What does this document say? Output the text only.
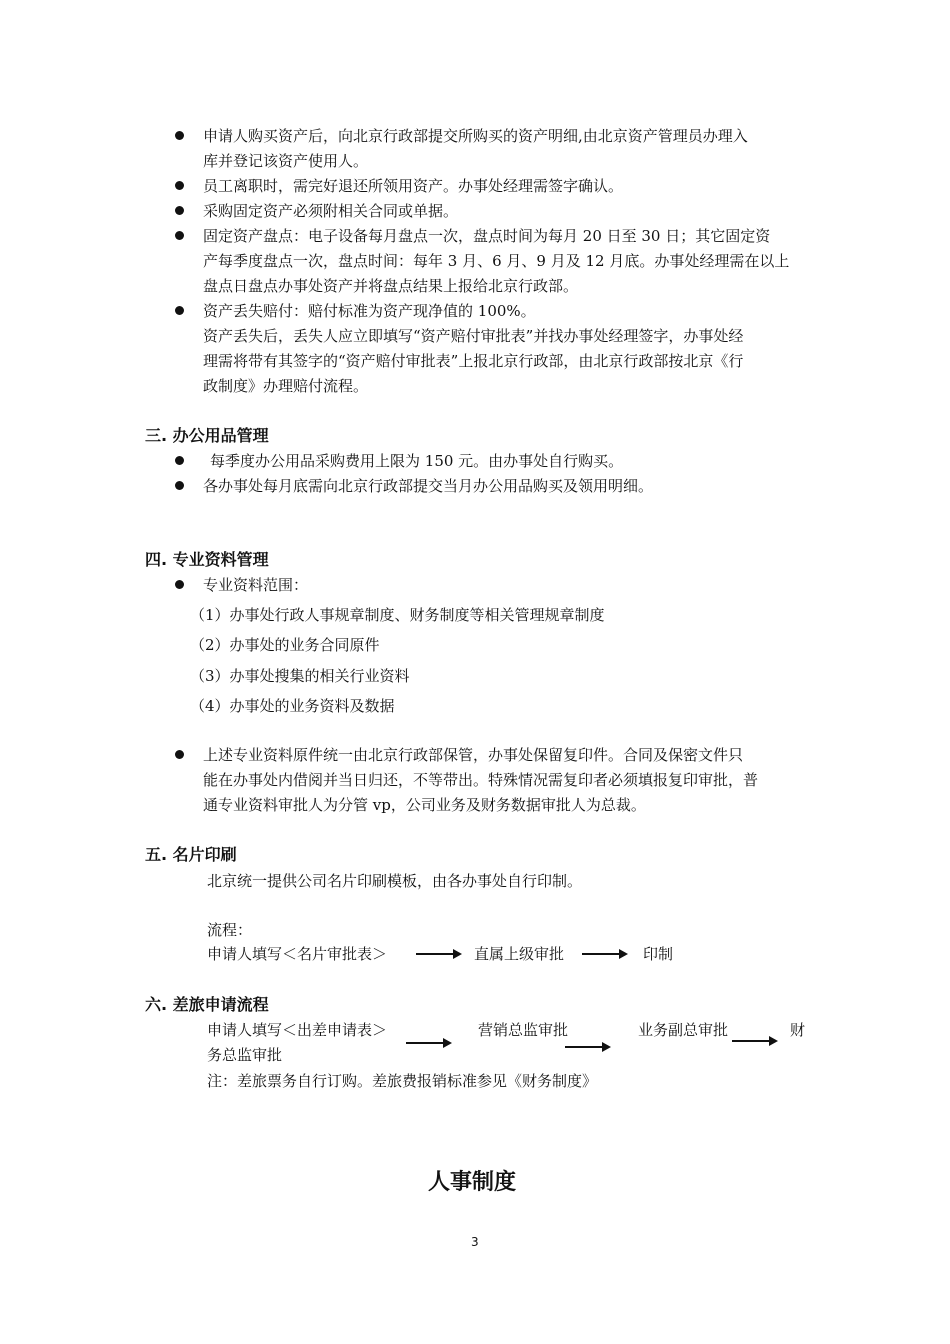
申请人购买资产后，向北京行政部提交所购买的资产明细,由北京资产管理员办理入
库并登记该资产使用人。
员工离职时，需完好退还所领用资产。办事处经理需签字确认。
采购固定资产必须附相关合同或单据。
固定资产盘点：电子设备每月盘点一次，盘点时间为每月 20 日至 30 日；其它固定资
产每季度盘点一次，盘点时间：每年 3 月、6 月、9 月及 12 月底。办事处经理需在以上
盘点日盘点办事处资产并将盘点结果上报给北京行政部。
资产丢失赔付：赔付标准为资产现净值的 100%。
资产丢失后，丢失人应立即填写“资产赔付审批表”并找办事处经理签字，办事处经
理需将带有其签字的“资产赔付审批表”上报北京行政部，由北京行政部按北京《行
政制度》办理赔付流程。
三. 办公用品管理
每季度办公用品采购费用上限为 150 元。由办事处自行购买。
各办事处每月底需向北京行政部提交当月办公用品购买及领用明细。
四. 专业资料管理
专业资料范围：
（1）办事处行政人事规章制度、财务制度等相关管理规章制度
（2）办事处的业务合同原件
（3）办事处搜集的相关行业资料
（4）办事处的业务资料及数据
上述专业资料原件统一由北京行政部保管，办事处保留复印件。合同及保密文件只
能在办事处内借阅并当日归还，不等带出。特殊情况需复印者必须填报复印审批，普
通专业资料审批人为分管 vp，公司业务及财务数据审批人为总裁。
五. 名片印刷
北京统一提供公司名片印刷模板，由各办事处自行印制。
流程：
申请人填写＜名片审批表＞	直属上级审批	印制
六. 差旅申请流程
申请人填写＜出差申请表＞	营销总监审批	业务副总审批	财
务总监审批
注：差旅票务自行订购。差旅费报销标准参见《财务制度》
人事制度
3
